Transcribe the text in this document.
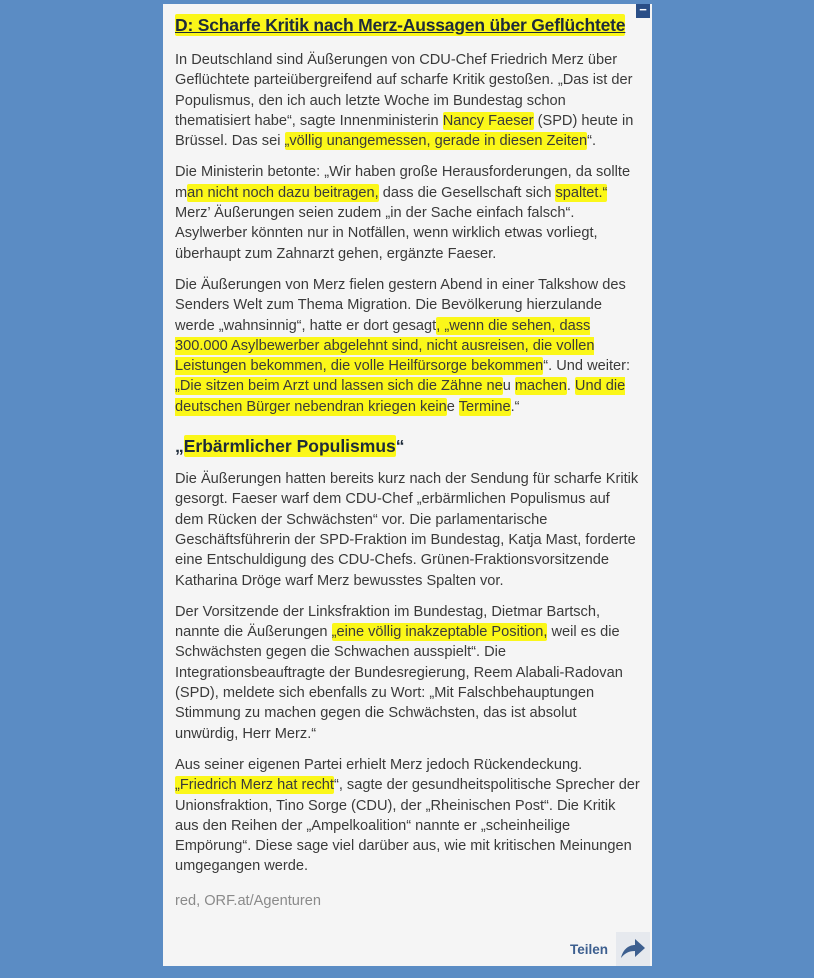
−
D: Scharfe Kritik nach Merz-Aussagen über Geflüchtete

In Deutschland sind Äußerungen von CDU-Chef Friedrich Merz über Geflüchtete parteiübergreifend auf scharfe Kritik gestoßen. „Das ist der Populismus, den ich auch letzte Woche im Bundestag schon thematisiert habe“, sagte Innenministerin Nancy Faeser (SPD) heute in Brüssel. Das sei „völlig unangemessen, gerade in diesen Zeiten“.

Die Ministerin betonte: „Wir haben große Herausforderungen, da sollte man nicht noch dazu beitragen, dass die Gesellschaft sich spaltet.“ Merz’ Äußerungen seien zudem „in der Sache einfach falsch“. Asylwerber könnten nur in Notfällen, wenn wirklich etwas vorliegt, überhaupt zum Zahnarzt gehen, ergänzte Faeser.

Die Äußerungen von Merz fielen gestern Abend in einer Talkshow des Senders Welt zum Thema Migration. Die Bevölkerung hierzulande werde „wahnsinnig“, hatte er dort gesagt, „wenn die sehen, dass 300.000 Asylbewerber abgelehnt sind, nicht ausreisen, die vollen Leistungen bekommen, die volle Heilfürsorge bekommen“. Und weiter: „Die sitzen beim Arzt und lassen sich die Zähne neu machen. Und die deutschen Bürger nebendran kriegen keine Termine.“

„Erbärmlicher Populismus“

Die Äußerungen hatten bereits kurz nach der Sendung für scharfe Kritik gesorgt. Faeser warf dem CDU-Chef „erbärmlichen Populismus auf dem Rücken der Schwächsten“ vor. Die parlamentarische Geschäftsführerin der SPD-Fraktion im Bundestag, Katja Mast, forderte eine Entschuldigung des CDU-Chefs. Grünen-Fraktionsvorsitzende Katharina Dröge warf Merz bewusstes Spalten vor.

Der Vorsitzende der Linksfraktion im Bundestag, Dietmar Bartsch, nannte die Äußerungen „eine völlig inakzeptable Position, weil es die Schwächsten gegen die Schwachen ausspielt“. Die Integrationsbeauftragte der Bundesregierung, Reem Alabali-Radovan (SPD), meldete sich ebenfalls zu Wort: „Mit Falschbehauptungen Stimmung zu machen gegen die Schwächsten, das ist absolut unwürdig, Herr Merz.“

Aus seiner eigenen Partei erhielt Merz jedoch Rückendeckung. „Friedrich Merz hat recht“, sagte der gesundheitspolitische Sprecher der Unionsfraktion, Tino Sorge (CDU), der „Rheinischen Post“. Die Kritik aus den Reihen der „Ampelkoalition“ nannte er „scheinheilige Empörung“. Diese sage viel darüber aus, wie mit kritischen Meinungen umgegangen werde.

red, ORF.at/Agenturen
Teilen
